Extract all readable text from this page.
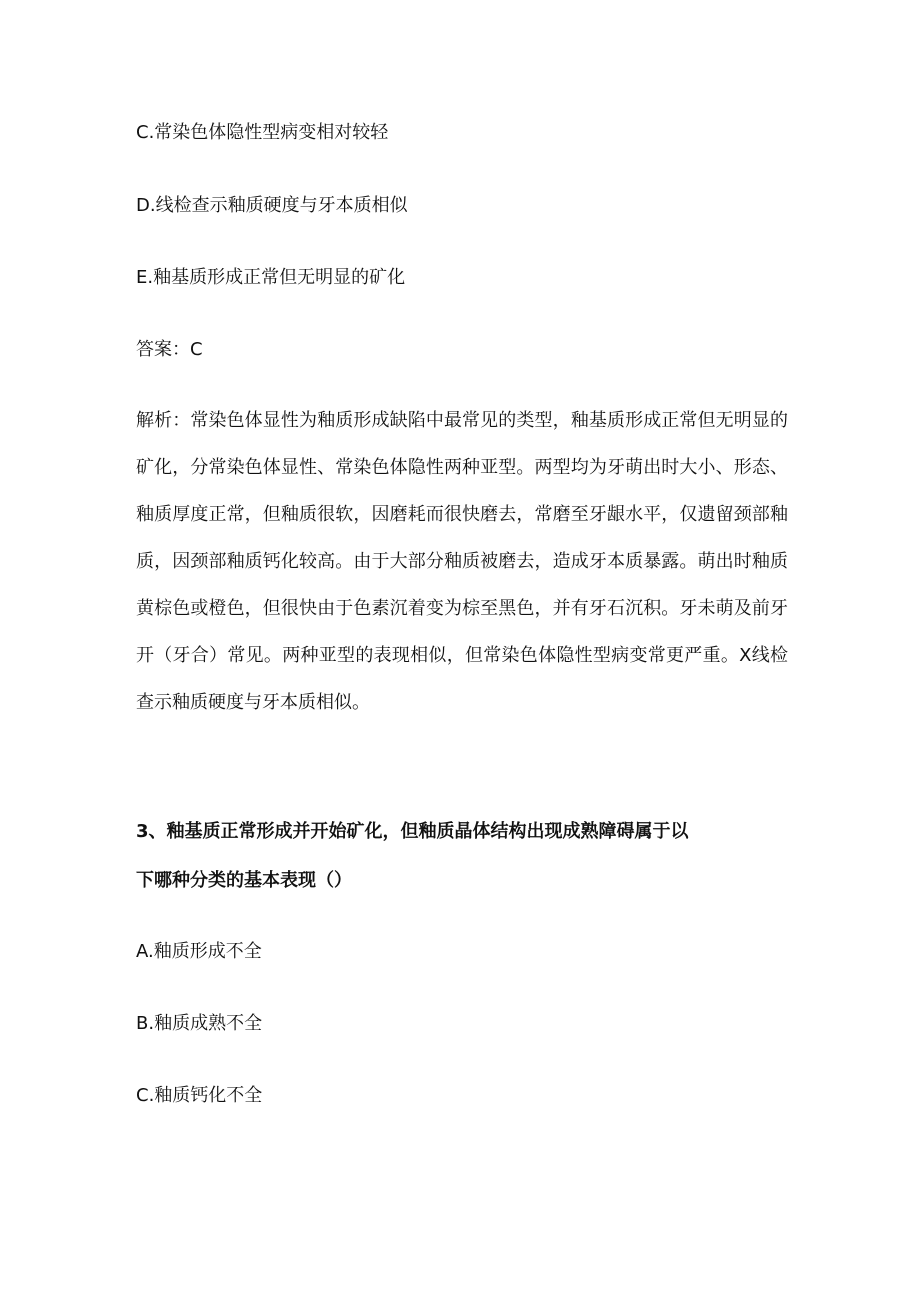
C.常染色体隐性型病变相对较轻
D.线检查示釉质硬度与牙本质相似
E.釉基质形成正常但无明显的矿化
答案：C
解析：常染色体显性为釉质形成缺陷中最常见的类型，釉基质形成正常但无明显的矿化，分常染色体显性、常染色体隐性两种亚型。两型均为牙萌出时大小、形态、釉质厚度正常，但釉质很软，因磨耗而很快磨去，常磨至牙龈水平，仅遗留颈部釉质，因颈部釉质钙化较高。由于大部分釉质被磨去，造成牙本质暴露。萌出时釉质黄棕色或橙色，但很快由于色素沉着变为棕至黑色，并有牙石沉积。牙未萌及前牙开（牙合）常见。两种亚型的表现相似，但常染色体隐性型病变常更严重。X线检查示釉质硬度与牙本质相似。
3、釉基质正常形成并开始矿化，但釉质晶体结构出现成熟障碍属于以
下哪种分类的基本表现（）
A.釉质形成不全
B.釉质成熟不全
C.釉质钙化不全
